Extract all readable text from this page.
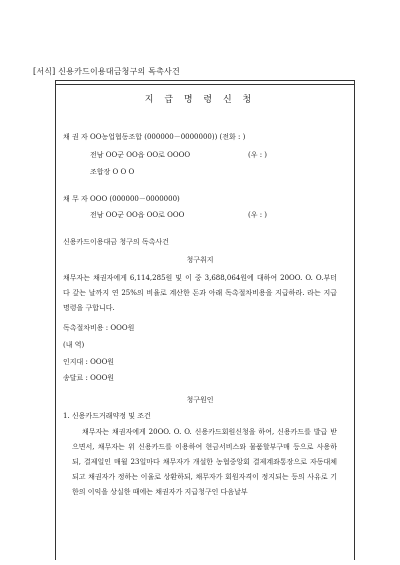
[서식] 신용카드이용대금청구의 독촉사건
지 급 명 령 신 청
채 권 자 OO농업협동조합 (000000－0000000)) (전화 : )
전남 OO군 OO읍 OO로 OOOO	(우 : )
조합장 O O O
채 무 자 OOO (000000－0000000)
전남 OO군 OO읍 OO로 OOO	(우 : )
신용카드이용대금 청구의 독촉사건
청구취지
채무자는 채권자에게 6,114,285원 및 이 중 3,688,064원에 대하여 20OO. O. O.부터 다 갚는 날까지 연 25%의 비율로 계산한 돈과 아래 독촉절차비용을 지급하라. 라는 지급명령을 구합니다.
독촉절차비용 : OOO원
(내 역)
인지대 : OOO원
송달료 : OOO원
청구원인
1. 신용카드거래약정 및 조건
채무자는 채권자에게 20OO. O. O. 신용카드회원신청을 하여, 신용카드를 발급 받으면서, 채무자는 위 신용카드를 이용하여 현금서비스와 물품할부구매 등으로 사용하되, 결제일인 매월 23일마다 채무자가 개설한 농협중앙회 결제계좌통장으로 자동대체되고 채권자가 정하는 이율로 상환하되, 채무자가 회원자격이 정지되는 등의 사유로 기한의 이익을 상실한 때에는 채권자가 지급청구인 다음날부
